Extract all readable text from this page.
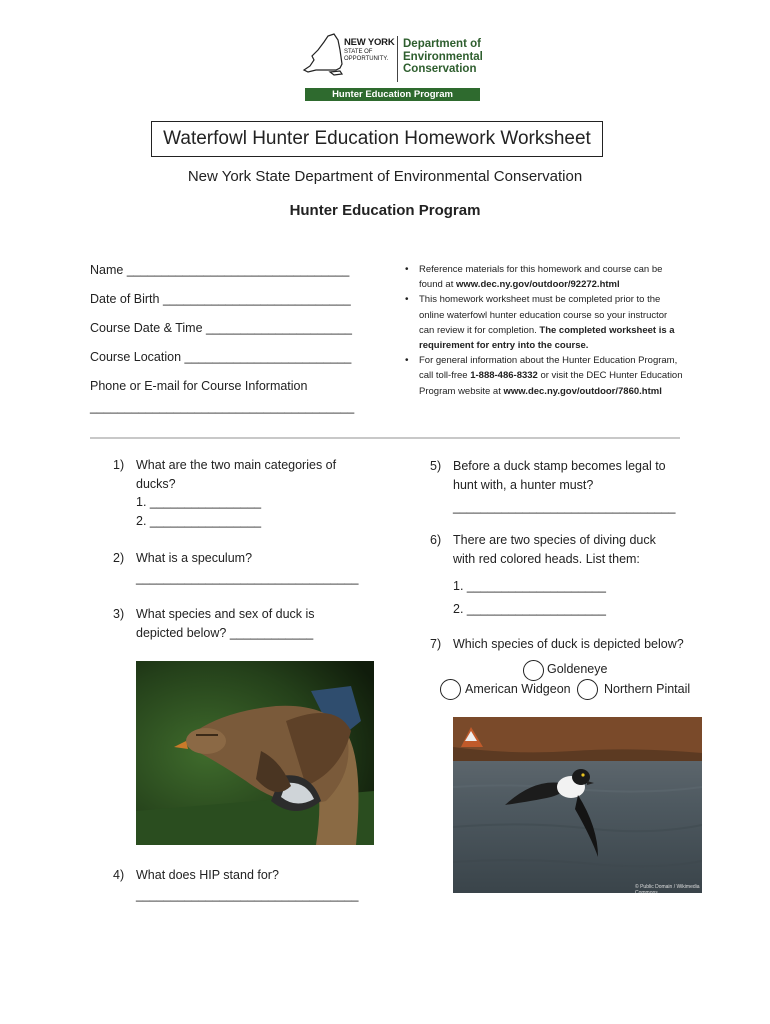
NEW YORK
STATE OF OPPORTUNITY.
Department of
Environmental
Conservation
Hunter Education Program
Waterfowl Hunter Education Homework Worksheet
New York State Department of Environmental Conservation
Hunter Education Program
Name ________________________________
Date of Birth ___________________________
Course Date & Time _____________________
Course Location ________________________
Phone or E-mail for Course Information
______________________________________
• Reference materials for this homework and course can be found at www.dec.ny.gov/outdoor/92272.html
• This homework worksheet must be completed prior to the online waterfowl hunter education course so your instructor can review it for completion. The completed worksheet is a requirement for entry into the course.
• For general information about the Hunter Education Program, call toll-free 1-888-486-8332 or visit the DEC Hunter Education Program website at www.dec.ny.gov/outdoor/7860.html
1) What are the two main categories of
ducks?
1. ________________
2. ________________
2) What is a speculum?
________________________________
3) What species and sex of duck is
depicted below? ____________
4) What does HIP stand for?
________________________________
5) Before a duck stamp becomes legal to
hunt with, a hunter must?
________________________________
6) There are two species of diving duck
with red colored heads. List them:
1. ____________________
2. ____________________
7) Which species of duck is depicted below?
Goldeneye
American Widgeon	Northern Pintail
© Public Domain / Wikimedia Commons
